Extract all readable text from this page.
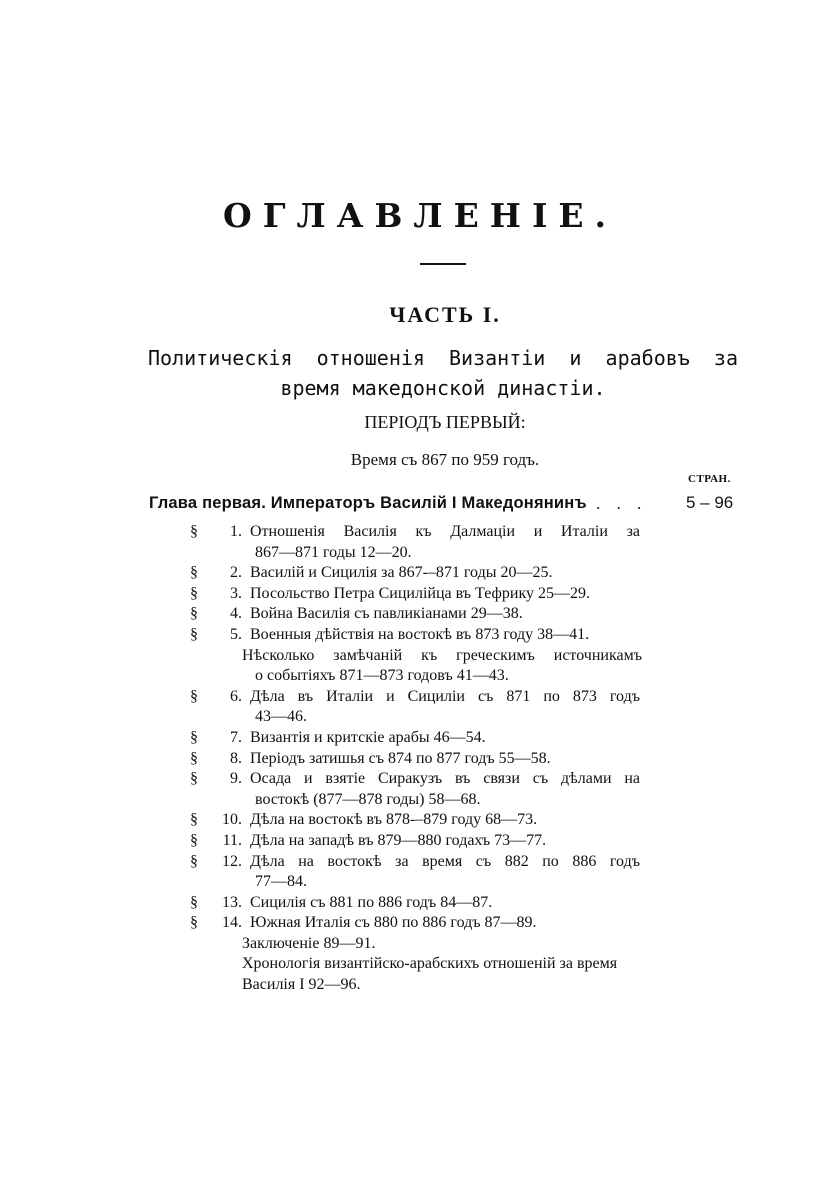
ОГЛАВЛЕНІЕ.
ЧАСТЬ I.
Политическія отношенія Византіи и арабовъ за
время македонской династіи.
ПЕРІОДЪ ПЕРВЫЙ:
Время съ 867 по 959 годъ.
СТРАН.
Глава первая. Императоръ Василій I Македонянинъ . . . 5 – 96
§	1. Отношенія Василія къ Далмаціи и Италіи за
867—871 годы 12—20.
§	2. Василій и Сицилія за 867-–871 годы 20—25.
§	3. Посольство Петра Сицилійца въ Тефрику 25—29.
§	4. Война Василія съ павликіанами 29—38.
§	5. Военныя дѣйствія на востокѣ въ 873 году 38—41.
Нѣсколько замѣчаній къ греческимъ источникамъ
о событіяхъ 871—873 годовъ 41—43.
§	6. Дѣла въ Италіи и Сициліи съ 871 по 873 годъ
43—46.
§	7. Византія и критскіе арабы 46—54.
§	8. Періодъ затишья съ 874 по 877 годъ 55—58.
§	9. Осада и взятіе Сиракузъ въ связи съ дѣлами на
востокѣ (877—878 годы) 58—68.
§	10. Дѣла на востокѣ въ 878-–879 году 68—73.
§	11. Дѣла на западѣ въ 879—880 годахъ 73—77.
§	12. Дѣла на востокѣ за время съ 882 по 886 годъ
77—84.
§	13. Сицилія съ 881 по 886 годъ 84—87.
§	14. Южная Италія съ 880 по 886 годъ 87—89.
Заключеніе 89—91.
Хронологія византійско-арабскихъ отношеній за время
Василія I 92—96.
